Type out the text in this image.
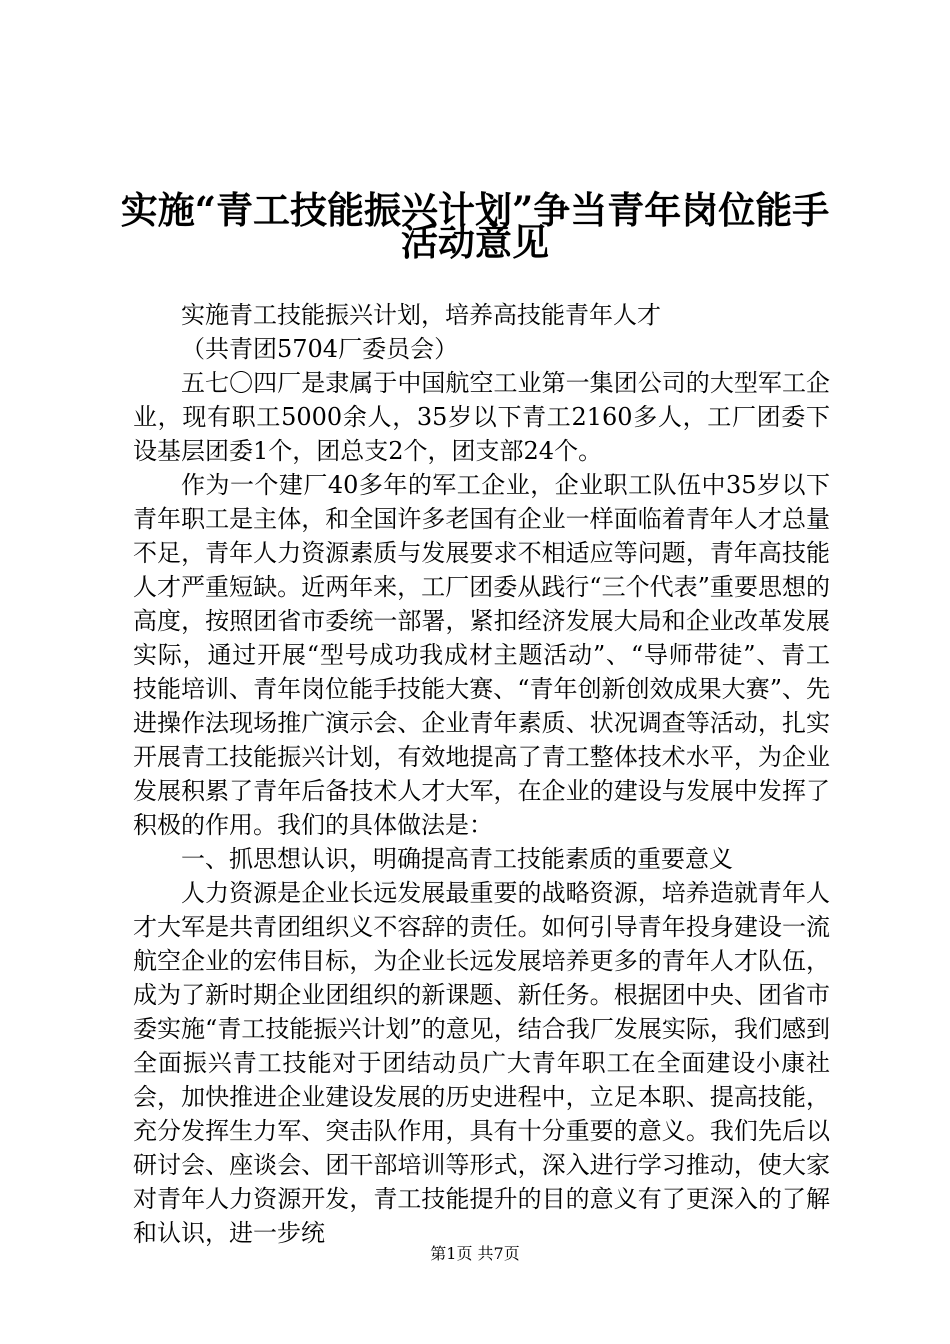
实施“青工技能振兴计划”争当青年岗位能手
活动意见

实施青工技能振兴计划，培养高技能青年人才

（共青团5704厂委员会）

五七〇四厂是隶属于中国航空工业第一集团公司的大型军工企业，现有职工5000余人，35岁以下青工2160多人，工厂团委下设基层团委1个，团总支2个，团支部24个。

作为一个建厂40多年的军工企业，企业职工队伍中35岁以下青年职工是主体，和全国许多老国有企业一样面临着青年人才总量不足，青年人力资源素质与发展要求不相适应等问题，青年高技能人才严重短缺。近两年来，工厂团委从践行“三个代表”重要思想的高度，按照团省市委统一部署，紧扣经济发展大局和企业改革发展实际，通过开展“型号成功我成材主题活动”、“导师带徒”、青工技能培训、青年岗位能手技能大赛、“青年创新创效成果大赛”、先进操作法现场推广演示会、企业青年素质、状况调查等活动，扎实开展青工技能振兴计划，有效地提高了青工整体技术水平，为企业发展积累了青年后备技术人才大军，在企业的建设与发展中发挥了积极的作用。我们的具体做法是：

一、抓思想认识，明确提高青工技能素质的重要意义

人力资源是企业长远发展最重要的战略资源，培养造就青年人才大军是共青团组织义不容辞的责任。如何引导青年投身建设一流航空企业的宏伟目标，为企业长远发展培养更多的青年人才队伍，成为了新时期企业团组织的新课题、新任务。根据团中央、团省市委实施“青工技能振兴计划”的意见，结合我厂发展实际，我们感到全面振兴青工技能对于团结动员广大青年职工在全面建设小康社会，加快推进企业建设发展的历史进程中，立足本职、提高技能，充分发挥生力军、突击队作用，具有十分重要的意义。我们先后以研讨会、座谈会、团干部培训等形式，深入进行学习推动，使大家对青年人力资源开发，青工技能提升的目的意义有了更深入的了解和认识，进一步统

第1页 共7页
